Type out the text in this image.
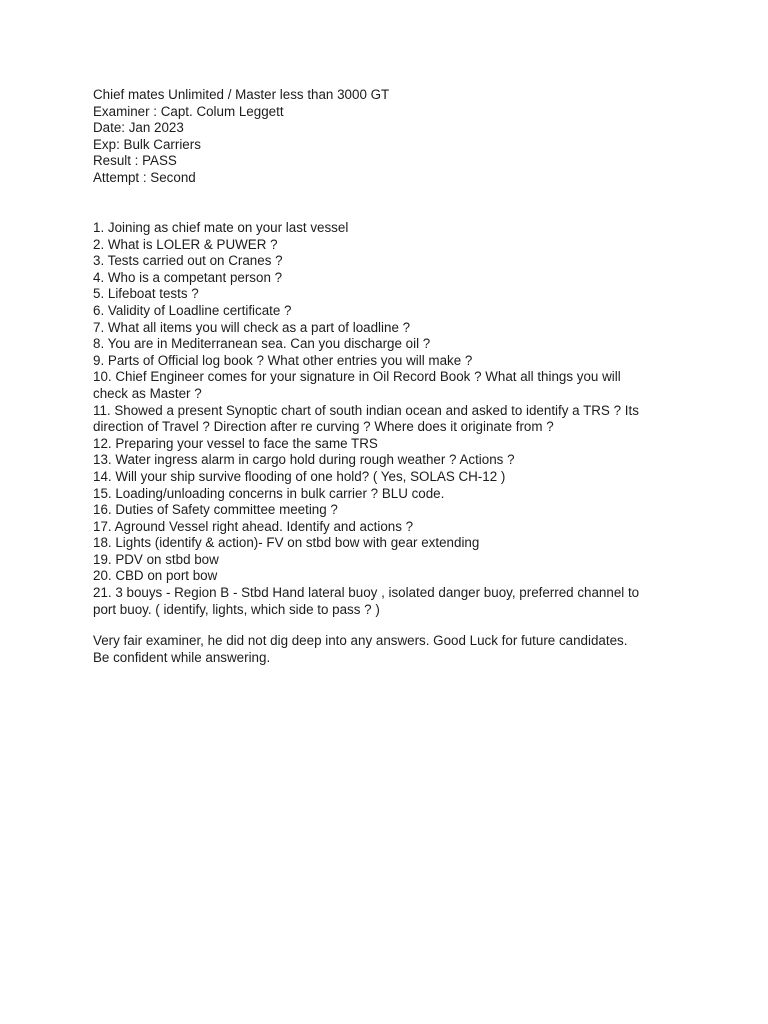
Chief mates Unlimited / Master less than 3000 GT
Examiner : Capt. Colum Leggett
Date: Jan 2023
Exp: Bulk Carriers
Result : PASS
Attempt : Second
1. Joining as chief mate on your last vessel
2. What is LOLER & PUWER ?
3. Tests carried out on Cranes ?
4. Who is a competant person ?
5. Lifeboat tests ?
6. Validity of Loadline certificate ?
7. What all items you will check as a part of loadline ?
8. You are in Mediterranean sea. Can you discharge oil ?
9. Parts of Official log book ? What other entries you will make ?
10. Chief Engineer comes for your signature in Oil Record Book ? What all things you will
check as Master ?
11. Showed a present Synoptic chart of south indian ocean and asked to identify a TRS ? Its
direction of Travel ? Direction after re curving ? Where does it originate from ?
12. Preparing your vessel to face the same TRS
13. Water ingress alarm in cargo hold during rough weather ? Actions ?
14. Will your ship survive flooding of one hold? ( Yes, SOLAS CH-12 )
15. Loading/unloading concerns in bulk carrier ? BLU code.
16. Duties of Safety committee meeting ?
17. Aground Vessel right ahead. Identify and actions ?
18. Lights (identify & action)- FV on stbd bow with gear extending
19. PDV on stbd bow
20. CBD on port bow
21. 3 bouys - Region B - Stbd Hand lateral buoy , isolated danger buoy, preferred channel to
port buoy. ( identify, lights, which side to pass ? )
Very fair examiner, he did not dig deep into any answers. Good Luck for future candidates.
Be confident while answering.
